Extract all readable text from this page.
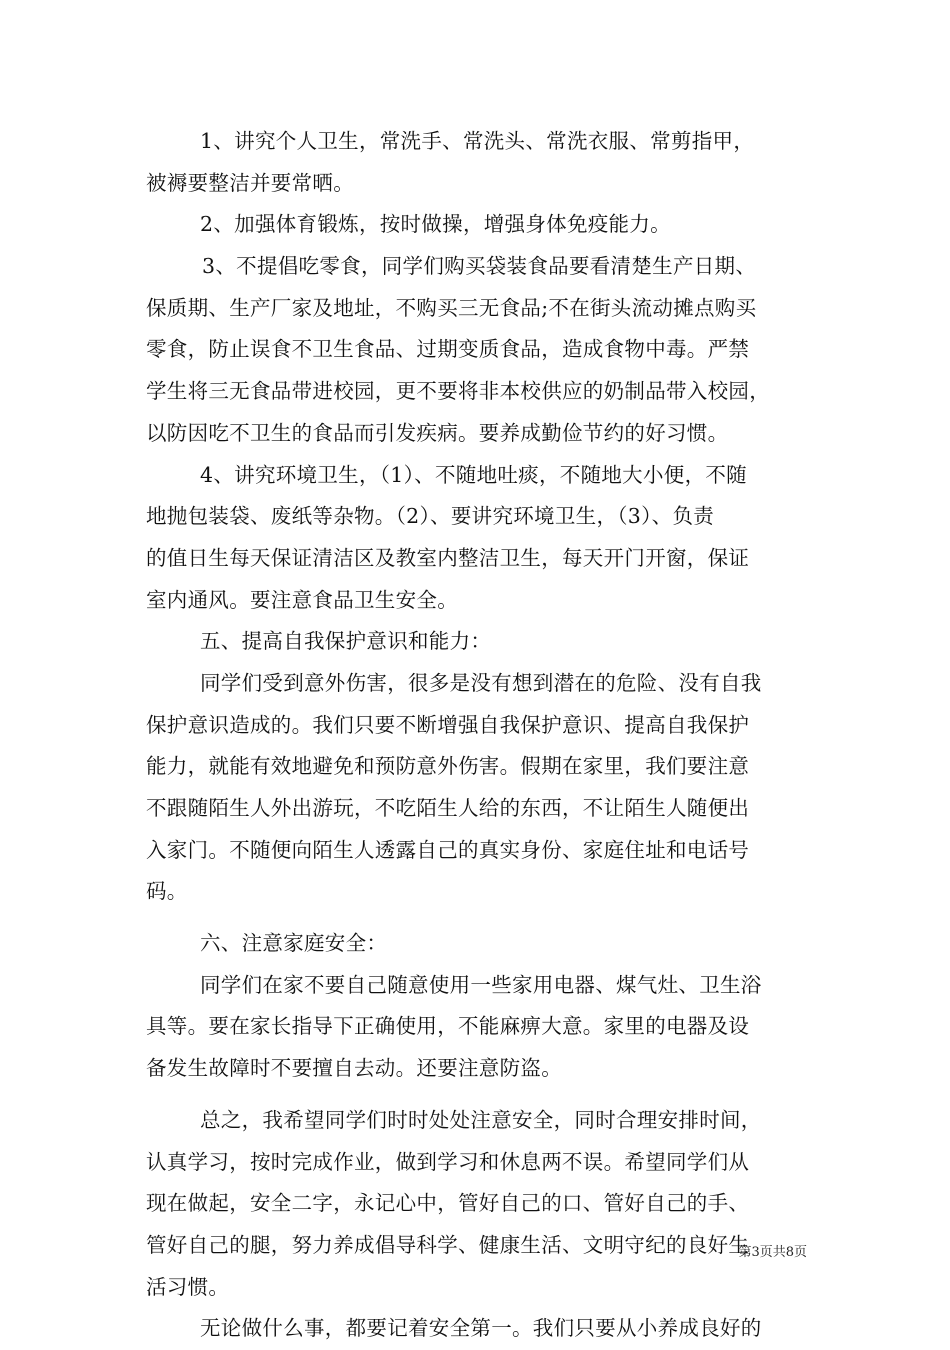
1、讲究个人卫生，常洗手、常洗头、常洗衣服、常剪指甲，
被褥要整洁并要常晒。
2、加强体育锻炼，按时做操，增强身体免疫能力。
3、不提倡吃零食，同学们购买袋装食品要看清楚生产日期、
保质期、生产厂家及地址，不购买三无食品;不在街头流动摊点购买
零食，防止误食不卫生食品、过期变质食品，造成食物中毒。严禁
学生将三无食品带进校园，更不要将非本校供应的奶制品带入校园，
以防因吃不卫生的食品而引发疾病。要养成勤俭节约的好习惯。
4、讲究环境卫生，（1）、不随地吐痰，不随地大小便，不随
地抛包装袋、废纸等杂物。（2）、要讲究环境卫生，（3）、负责
的值日生每天保证清洁区及教室内整洁卫生，每天开门开窗，保证
室内通风。要注意食品卫生安全。
五、提高自我保护意识和能力：
同学们受到意外伤害，很多是没有想到潜在的危险、没有自我
保护意识造成的。我们只要不断增强自我保护意识、提高自我保护
能力，就能有效地避免和预防意外伤害。假期在家里，我们要注意
不跟随陌生人外出游玩，不吃陌生人给的东西，不让陌生人随便出
入家门。不随便向陌生人透露自己的真实身份、家庭住址和电话号
码。
六、注意家庭安全：
同学们在家不要自己随意使用一些家用电器、煤气灶、卫生浴
具等。要在家长指导下正确使用，不能麻痹大意。家里的电器及设
备发生故障时不要擅自去动。还要注意防盗。
总之，我希望同学们时时处处注意安全，同时合理安排时间，
认真学习，按时完成作业，做到学习和休息两不误。希望同学们从
现在做起，安全二字，永记心中，管好自己的口、管好自己的手、
管好自己的腿，努力养成倡导科学、健康生活、文明守纪的良好生
活习惯。
无论做什么事，都要记着安全第一。我们只要从小养成良好的
第3页共8页
